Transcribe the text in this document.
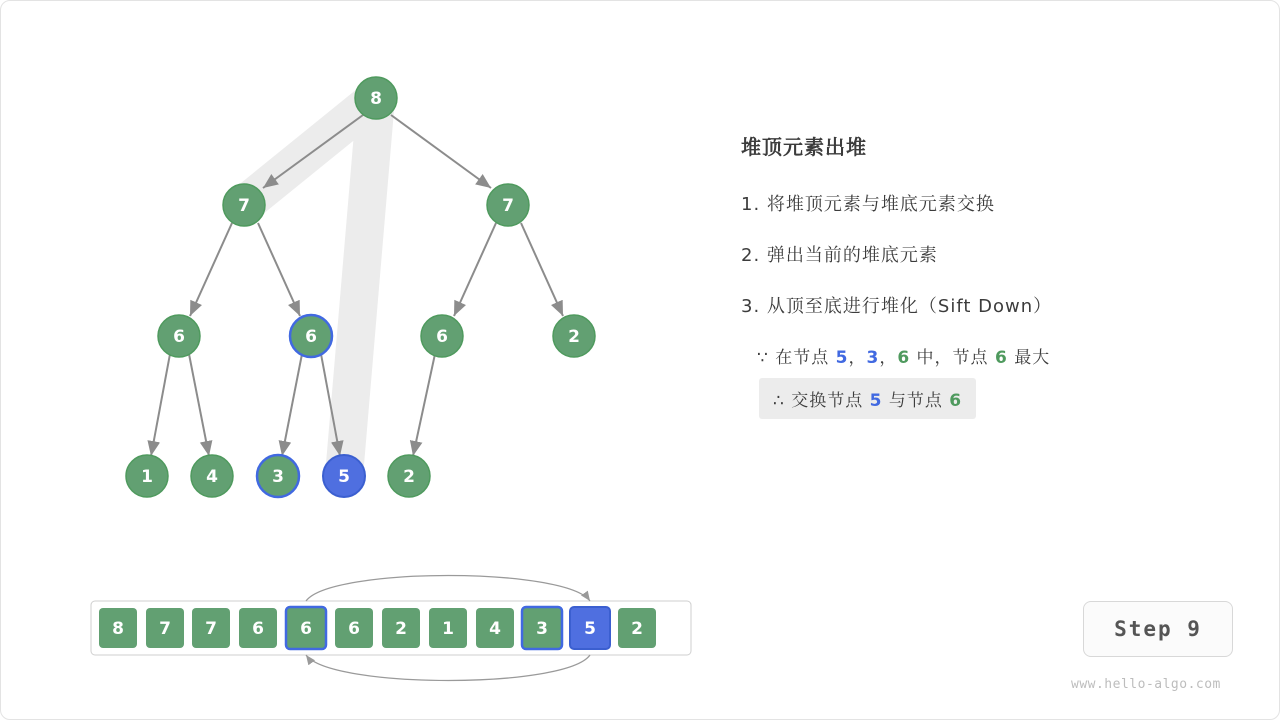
8
7	7
6	6	6	2
1	4	3	5	2
8 7 7 6 6 6 2 1 4 3 5 2
堆顶元素出堆
1. 将堆顶元素与堆底元素交换
2. 弹出当前的堆底元素
3. 从顶至底进行堆化（Sift Down）
∵ 在节点 5，3，6 中，节点 6 最大
∴ 交换节点 5 与节点 6
Step 9
www.hello-algo.com
